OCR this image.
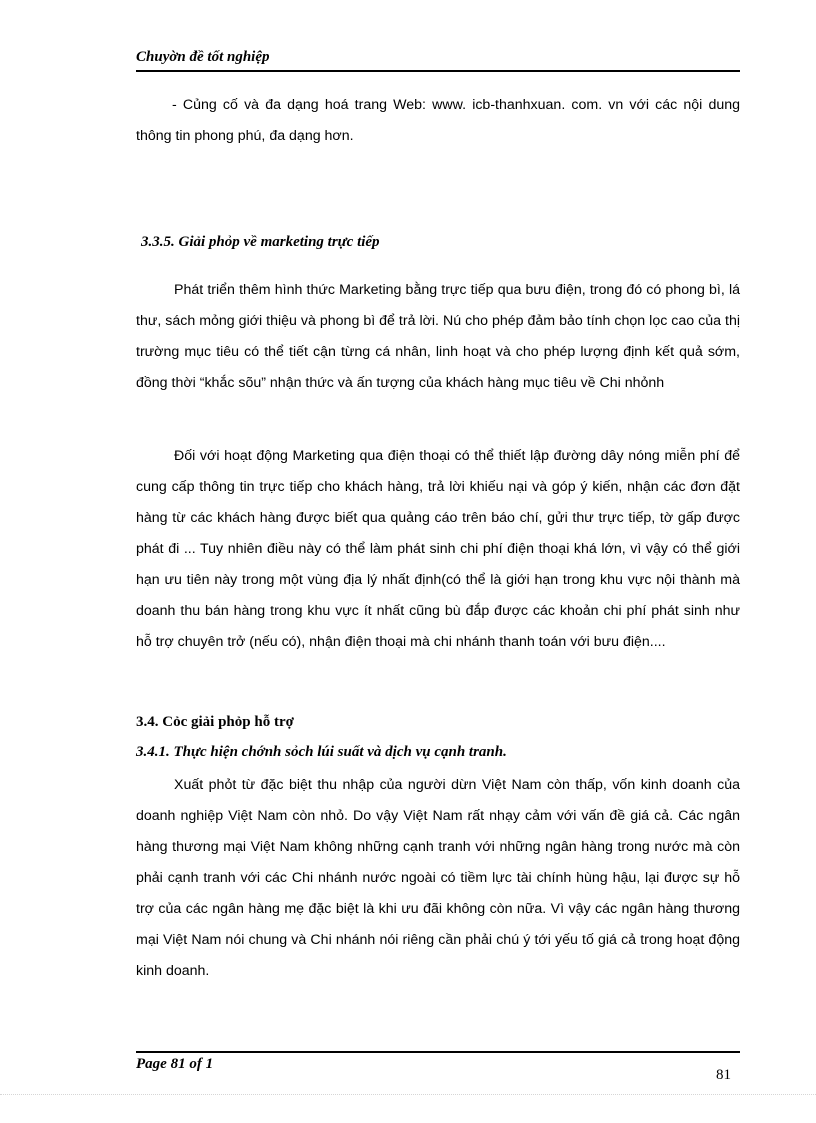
Chuyờn đề tốt nghiệp

- Củng cố và đa dạng hoá trang Web: www. icb-thanhxuan. com. vn với các nội dung thông tin phong phú, đa dạng hơn.

3.3.5. Giải phỏp về marketing trực tiếp

Phát triển thêm hình thức Marketing bằng trực tiếp qua bưu điện, trong đó có phong bì, lá thư, sách mỏng giới thiệu và phong bì để trả lời. Nú cho phép đảm bảo tính chọn lọc cao của thị trường mục tiêu có thể tiết cận từng cá nhân, linh hoạt và cho phép lượng định kết quả sớm, đồng thời “khắc sõu” nhận thức và ấn tượng của khách hàng mục tiêu về Chi nhỏnh

Đối với hoạt động Marketing qua điện thoại có thể thiết lập đường dây nóng miễn phí để cung cấp thông tin trực tiếp cho khách hàng, trả lời khiếu nại và góp ý kiến, nhận các đơn đặt hàng từ các khách hàng được biết qua quảng cáo trên báo chí, gửi thư trực tiếp, tờ gấp được phát đi ... Tuy nhiên điều này có thể làm phát sinh chi phí điện thoại khá lớn, vì vậy có thể giới hạn ưu tiên này trong một vùng địa lý nhất định(có thể là giới hạn trong khu vực nội thành mà doanh thu bán hàng trong khu vực ít nhất cũng bù đắp được các khoản chi phí phát sinh như hỗ trợ chuyên trở (nếu có), nhận điện thoại mà chi nhánh thanh toán với bưu điện....

3.4. Cỏc giải phỏp hỗ trợ
3.4.1. Thực hiện chớnh sỏch lúi suất và dịch vụ cạnh tranh.

Xuất phỏt từ đặc biệt thu nhập của người dừn Việt Nam còn thấp, vốn kinh doanh của doanh nghiệp Việt Nam còn nhỏ. Do vậy Việt Nam rất nhạy cảm với vấn đề giá cả. Các ngân hàng thương mại Việt Nam không những cạnh tranh với những ngân hàng trong nước mà còn phải cạnh tranh với các Chi nhánh nước ngoài có tiềm lực tài chính hùng hậu, lại được sự hỗ trợ của các ngân hàng mẹ đặc biệt là khi ưu đãi không còn nữa. Vì vậy các ngân hàng thương mại Việt Nam nói chung và Chi nhánh nói riêng cần phải chú ý tới yếu tố giá cả trong hoạt động kinh doanh.

Page 81 of 1
81
